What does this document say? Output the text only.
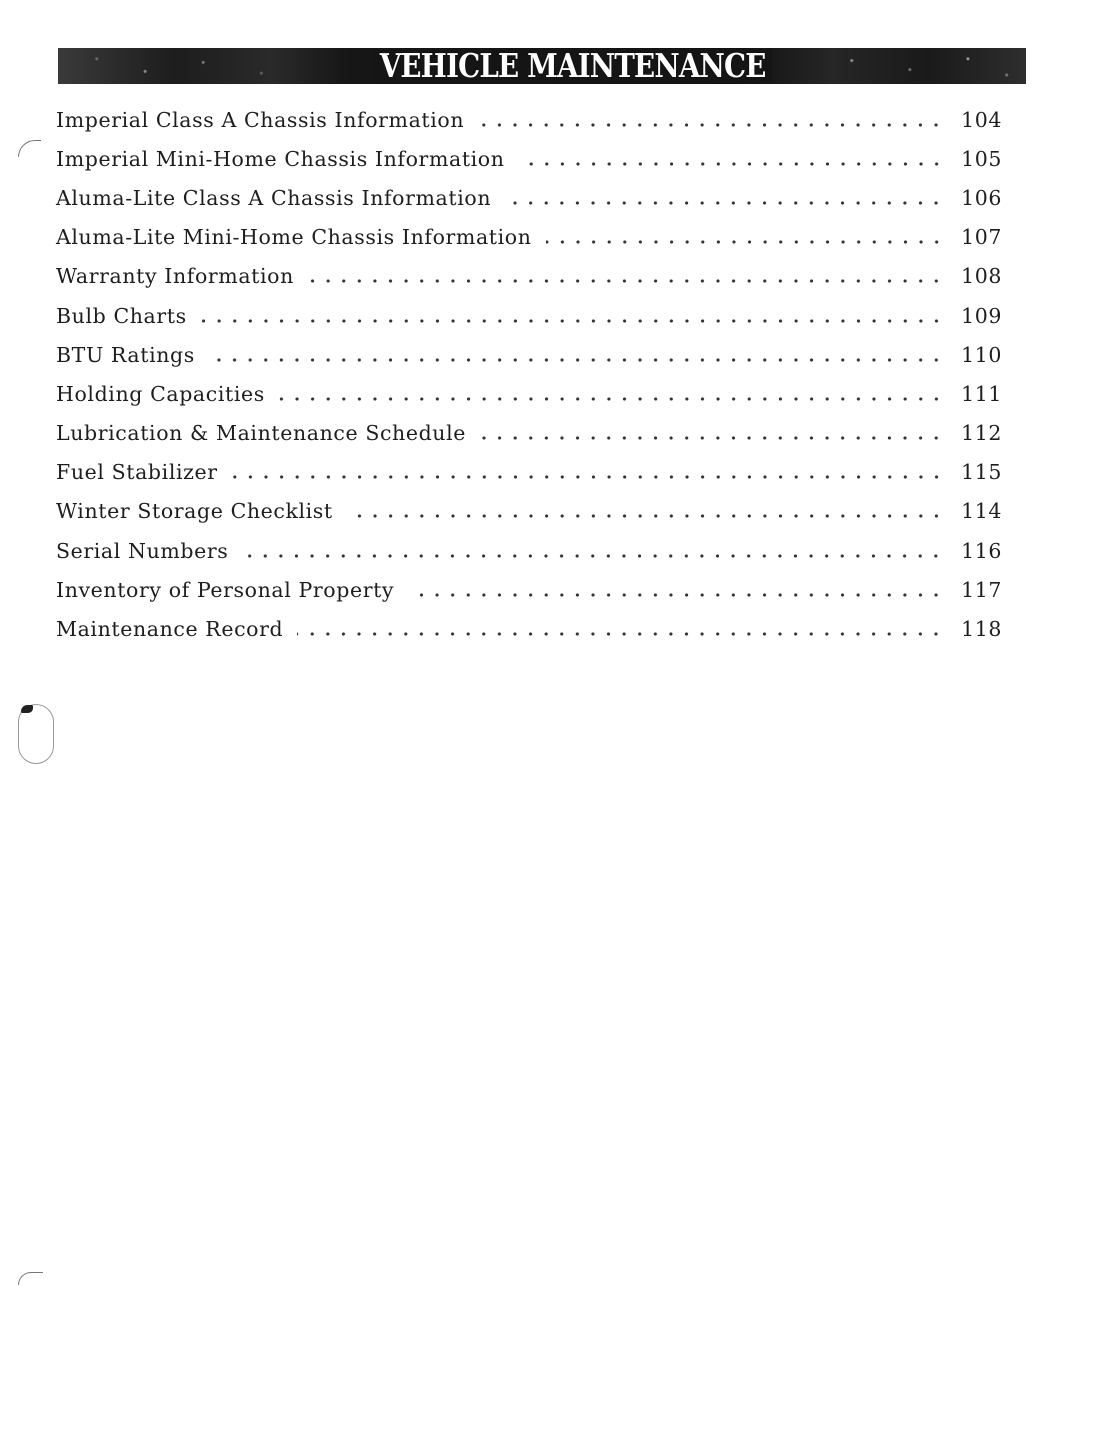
VEHICLE MAINTENANCE
Imperial Class A Chassis Information	104
Imperial Mini-Home Chassis Information	105
Aluma-Lite Class A Chassis Information	106
Aluma-Lite Mini-Home Chassis Information	107
Warranty Information	108
Bulb Charts	109
BTU Ratings	110
Holding Capacities	111
Lubrication & Maintenance Schedule	112
Fuel Stabilizer	115
Winter Storage Checklist	114
Serial Numbers	116
Inventory of Personal Property	117
Maintenance Record	118
